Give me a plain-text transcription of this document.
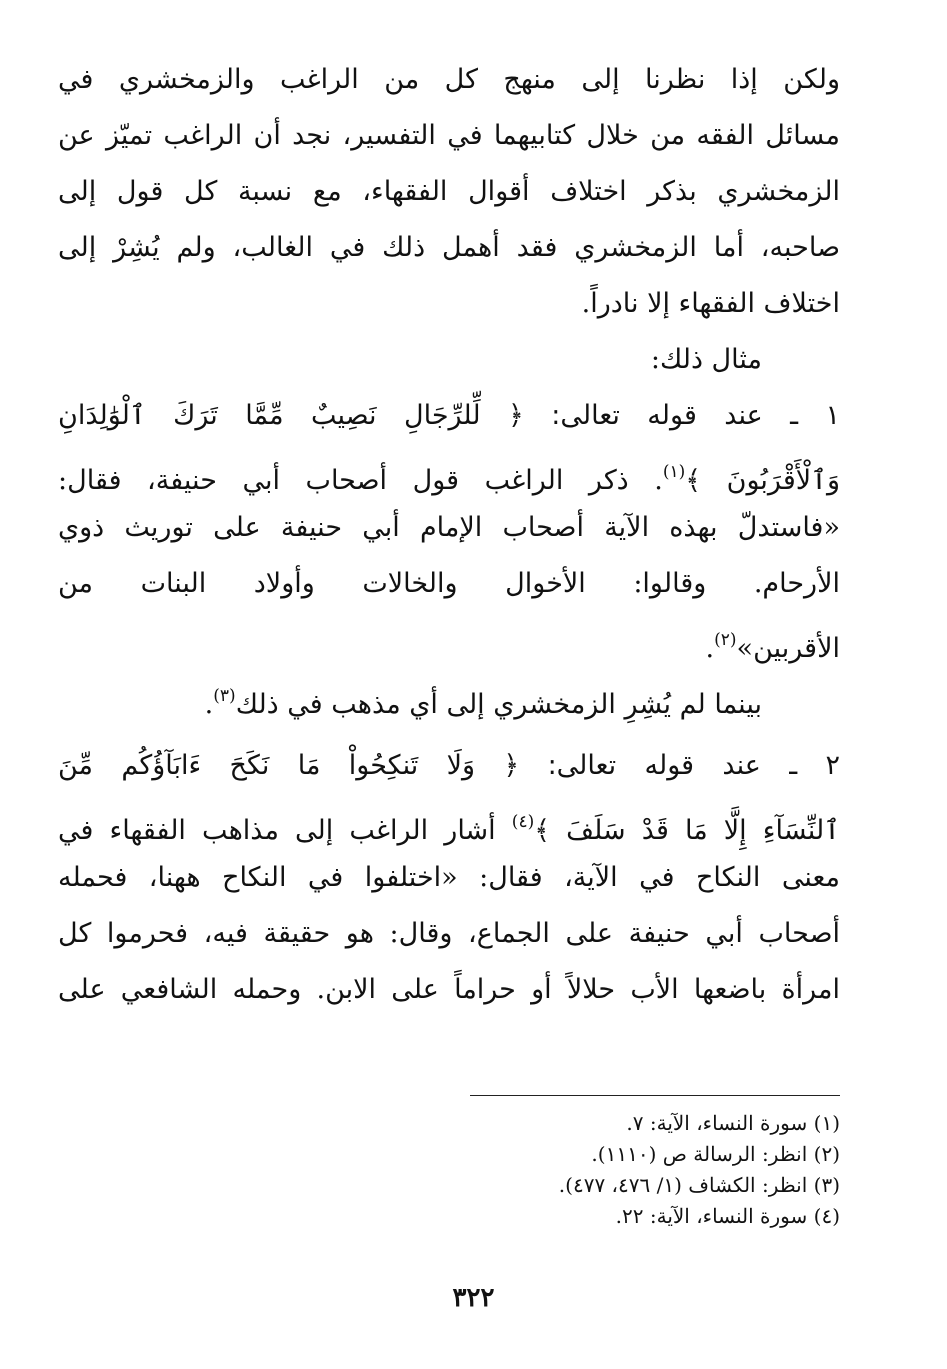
ولكن إذا نظرنا إلى منهج كل من الراغب والزمخشري في
مسائل الفقه من خلال كتابيهما في التفسير، نجد أن الراغب تميّز عن
الزمخشري بذكر اختلاف أقوال الفقهاء، مع نسبة كل قول إلى
صاحبه، أما الزمخشري فقد أهمل ذلك في الغالب، ولم يُشِرْ إلى
اختلاف الفقهاء إلا نادراً.
مثال ذلك:
١ ـ عند قوله تعالى: ﴿ لِّلرِّجَالِ نَصِيبٌ مِّمَّا تَرَكَ ٱلْوَٰلِدَانِ
وَٱلْأَقْرَبُونَ ﴾$^{(١)}$. ذكر الراغب قول أصحاب أبي حنيفة، فقال:
«فاستدلّ بهذه الآية أصحاب الإمام أبي حنيفة على توريث ذوي
الأرحام. وقالوا: الأخوال والخالات وأولاد البنات من
الأقربين»$^{(٢)}$.
بينما لم يُشِرِ الزمخشري إلى أي مذهب في ذلك$^{(٣)}$.
٢ ـ عند قوله تعالى: ﴿ وَلَا تَنكِحُواْ مَا نَكَحَ ءَابَآؤُكُم مِّنَ
ٱلنِّسَآءِ إِلَّا مَا قَدْ سَلَفَ ﴾$^{(٤)}$ أشار الراغب إلى مذاهب الفقهاء في
معنى النكاح في الآية، فقال: «اختلفوا في النكاح ههنا، فحمله
أصحاب أبي حنيفة على الجماع، وقال: هو حقيقة فيه، فحرموا كل
امرأة باضعها الأب حلالاً أو حراماً على الابن. وحمله الشافعي على
(١) سورة النساء، الآية: ٧.
(٢) انظر: الرسالة ص (١١١٠).
(٣) انظر: الكشاف (١/ ٤٧٦، ٤٧٧).
(٤) سورة النساء، الآية: ٢٢.
٣٢٢
